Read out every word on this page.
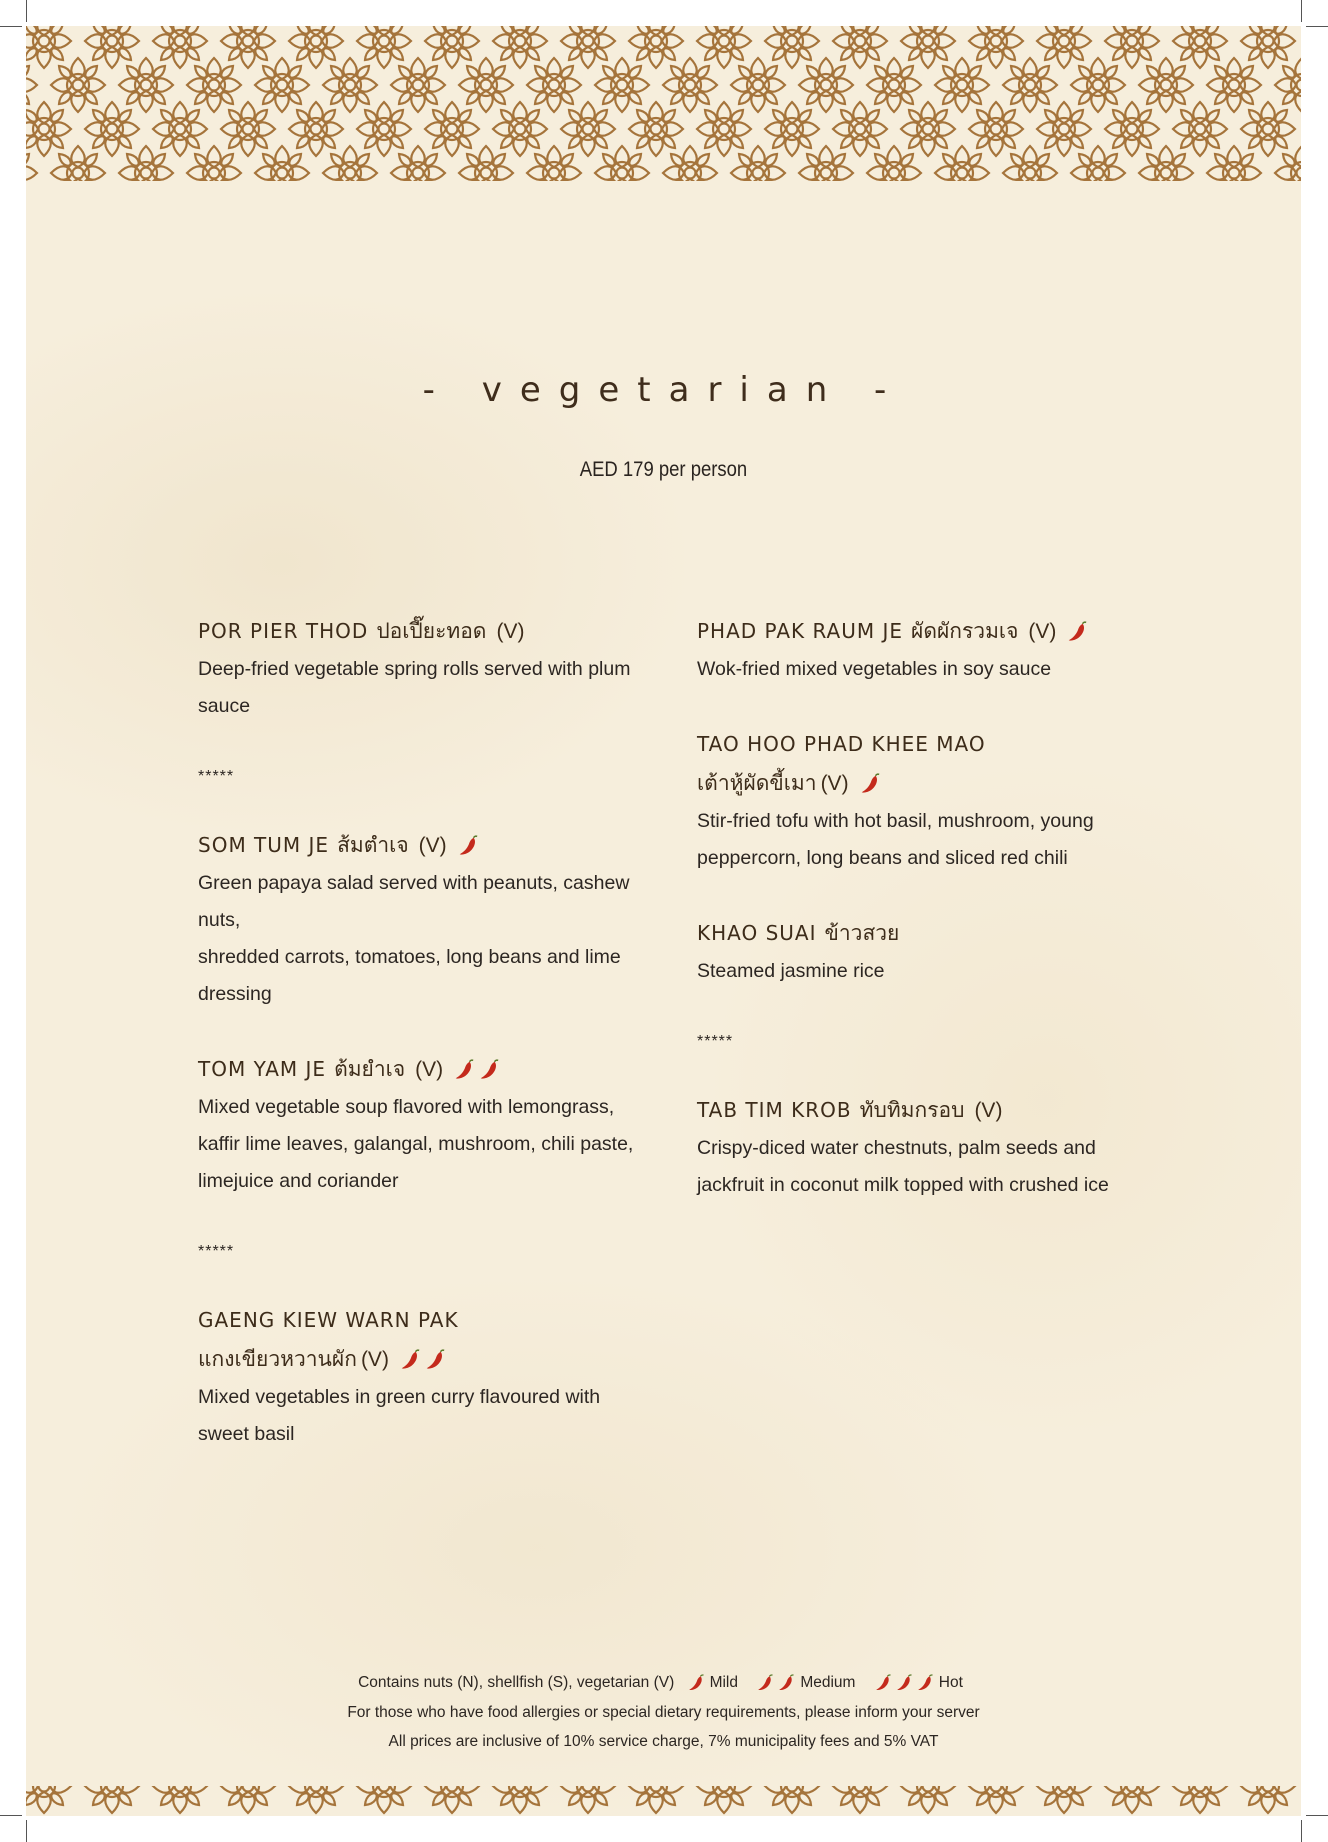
- vegetarian -
AED 179 per person
POR PIER THOD ปอเปี๊ยะทอด (V)
Deep-fried vegetable spring rolls served with plum
sauce
*****
SOM TUM JE ส้มตำเจ (V)
Green papaya salad served with peanuts, cashew nuts,
shredded carrots, tomatoes, long beans and lime
dressing
TOM YAM JE ต้มยำเจ (V)
Mixed vegetable soup flavored with lemongrass,
kaffir lime leaves, galangal, mushroom, chili paste,
limejuice and coriander
*****
GAENG KIEW WARN PAK
แกงเขียวหวานผัก (V)
Mixed vegetables in green curry flavoured with
sweet basil
PHAD PAK RAUM JE ผัดผักรวมเจ (V)
Wok-fried mixed vegetables in soy sauce
TAO HOO PHAD KHEE MAO
เต้าหู้ผัดขี้เมา (V)
Stir-fried tofu with hot basil, mushroom, young
peppercorn, long beans and sliced red chili
KHAO SUAI ข้าวสวย
Steamed jasmine rice
*****
TAB TIM KROB ทับทิมกรอบ (V)
Crispy-diced water chestnuts, palm seeds and
jackfruit in coconut milk topped with crushed ice
Contains nuts (N), shellfish (S), vegetarian (V) Mild	Medium	Hot
For those who have food allergies or special dietary requirements, please inform your server
All prices are inclusive of 10% service charge, 7% municipality fees and 5% VAT
